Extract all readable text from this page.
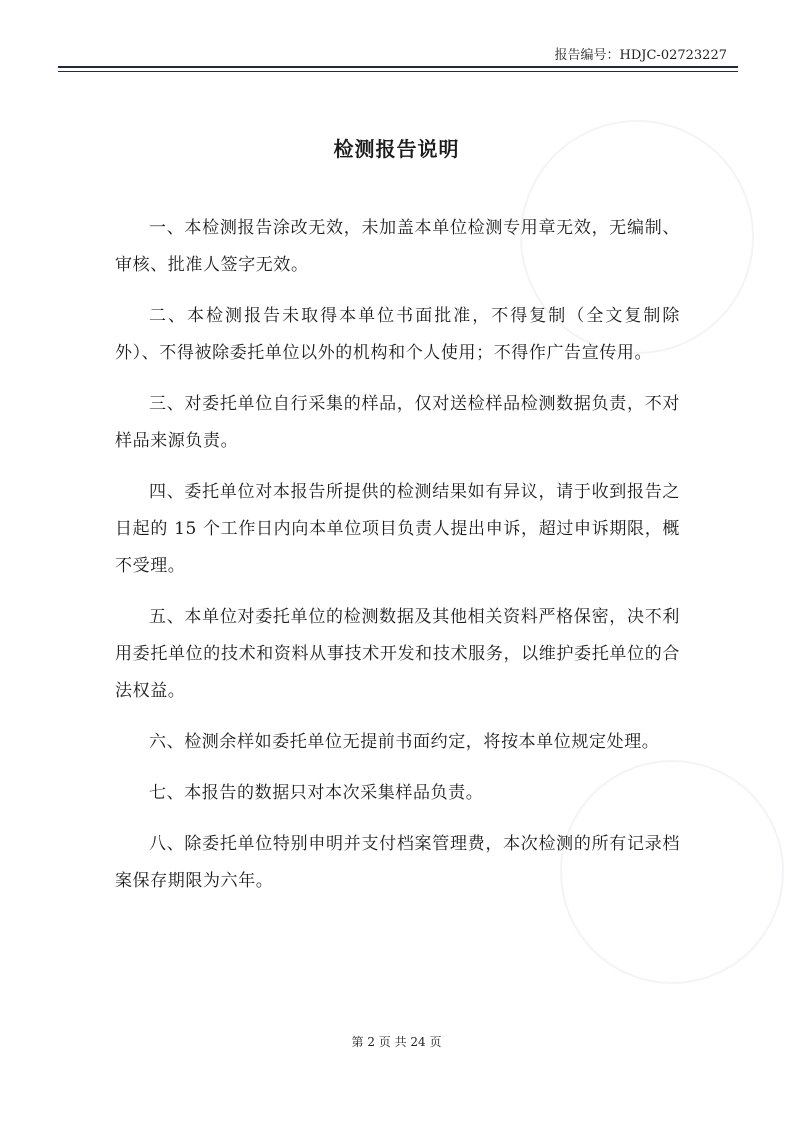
报告编号：HDJC-02723227
检测报告说明

一、本检测报告涂改无效，未加盖本单位检测专用章无效，无编制、审核、批准人签字无效。

二、本检测报告未取得本单位书面批准，不得复制（全文复制除外）、不得被除委托单位以外的机构和个人使用；不得作广告宣传用。

三、对委托单位自行采集的样品，仅对送检样品检测数据负责，不对样品来源负责。

四、委托单位对本报告所提供的检测结果如有异议，请于收到报告之日起的 15 个工作日内向本单位项目负责人提出申诉，超过申诉期限，概不受理。

五、本单位对委托单位的检测数据及其他相关资料严格保密，决不利用委托单位的技术和资料从事技术开发和技术服务，以维护委托单位的合法权益。

六、检测余样如委托单位无提前书面约定，将按本单位规定处理。

七、本报告的数据只对本次采集样品负责。

八、除委托单位特别申明并支付档案管理费，本次检测的所有记录档案保存期限为六年。

第 2 页 共 24 页
